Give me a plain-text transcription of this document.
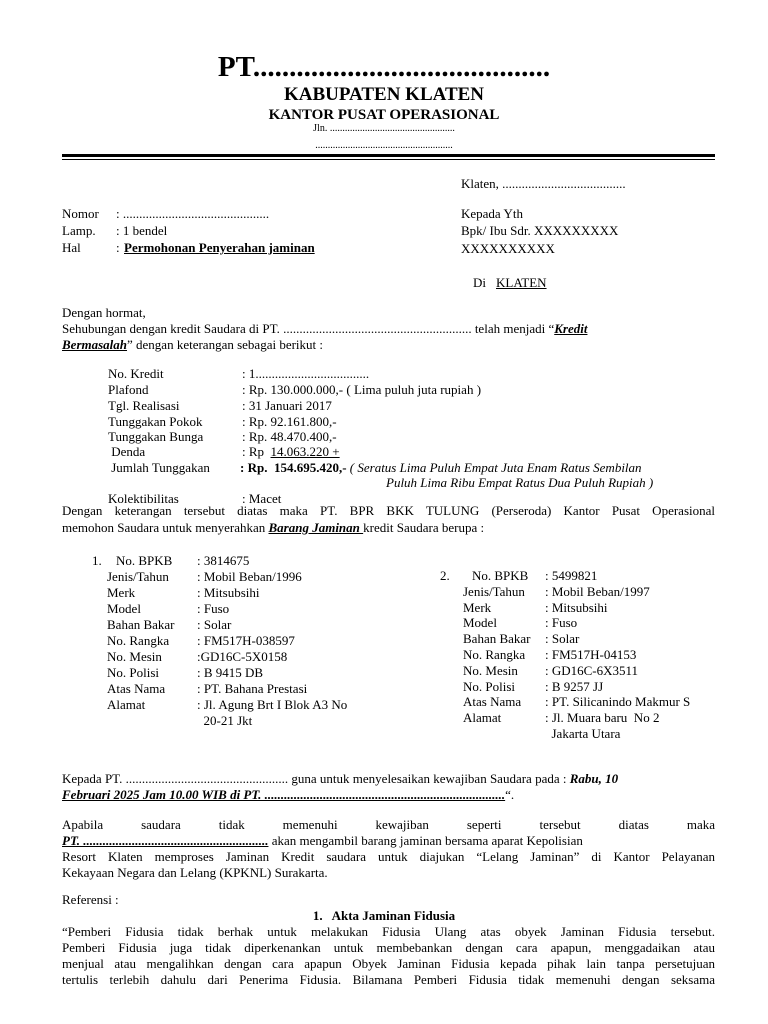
PT.........................................
KABUPATEN KLATEN
KANTOR PUSAT OPERASIONAL
Jln. ..................................................
.......................................................
Klaten, ......................................
Nomor : .............................................
Lamp. : 1 bendel
Hal	: Permohonan Penyerahan jaminan
Kepada Yth
Bpk/ Ibu Sdr. XXXXXXXXX
XXXXXXXXXX
Di KLATEN
Dengan hormat,
Sehubungan dengan kredit Saudara di PT. .......................................................... telah menjadi “Kredit
Bermasalah” dengan keterangan sebagai berikut :
No. Kredit	: 1...................................
Plafond	: Rp. 130.000.000,- ( Lima puluh juta rupiah )
Tgl. Realisasi	: 31 Januari 2017
Tunggakan Pokok	: Rp. 92.161.800,-
Tunggakan Bunga	: Rp. 48.470.400,-
Denda	: Rp  14.063.220 +
Jumlah Tunggakan : Rp.  154.695.420,- ( Seratus Lima Puluh Empat Juta Enam Ratus Sembilan
Puluh Lima Ribu Empat Ratus Dua Puluh Rupiah )
Kolektibilitas	: Macet
Dengan keterangan tersebut diatas maka PT. BPR BKK TULUNG (Perseroda) Kantor Pusat Operasional
memohon Saudara untuk menyerahkan Barang Jaminan kredit Saudara berupa :
1. No. BPKB : 3814675
Jenis/Tahun : Mobil Beban/1996
Merk	: Mitsubsihi
Model	: Fuso
Bahan Bakar : Solar
No. Rangka : FM517H-038597
No. Mesin	:GD16C-5X0158
No. Polisi	: B 9415 DB
Atas Nama : PT. Bahana Prestasi
Alamat	: Jl. Agung Brt I Blok A3 No
20-21 Jkt
2. No. BPKB : 5499821
Jenis/Tahun : Mobil Beban/1997
Merk	: Mitsubsihi
Model	: Fuso
Bahan Bakar : Solar
No. Rangka : FM517H-04153
No. Mesin : GD16C-6X3511
No. Polisi : B 9257 JJ
Atas Nama : PT. Silicanindo Makmur S
Alamat	: Jl. Muara baru  No 2
Jakarta Utara
Kepada PT. .................................................. guna untuk menyelesaikan kewajiban Saudara pada : Rabu, 10
Februari 2025 Jam 10.00 WIB di PT. ..........................................................................“.
Apabila saudara tidak memenuhi kewajiban seperti tersebut diatas maka
PT. ......................................................... akan mengambil barang jaminan bersama aparat Kepolisian
Resort Klaten memproses Jaminan Kredit saudara untuk diajukan “Lelang Jaminan” di Kantor Pelayanan
Kekayaan Negara dan Lelang (KPKNL) Surakarta.
Referensi :
1.   Akta Jaminan Fidusia
“Pemberi Fidusia tidak berhak untuk melakukan Fidusia Ulang atas obyek Jaminan Fidusia tersebut.
Pemberi Fidusia juga tidak diperkenankan untuk membebankan dengan cara apapun, menggadaikan atau
menjual atau mengalihkan dengan cara apapun Obyek Jaminan Fidusia kepada pihak lain tanpa persetujuan
tertulis terlebih dahulu dari Penerima Fidusia. Bilamana Pemberi Fidusia tidak memenuhi dengan seksama
